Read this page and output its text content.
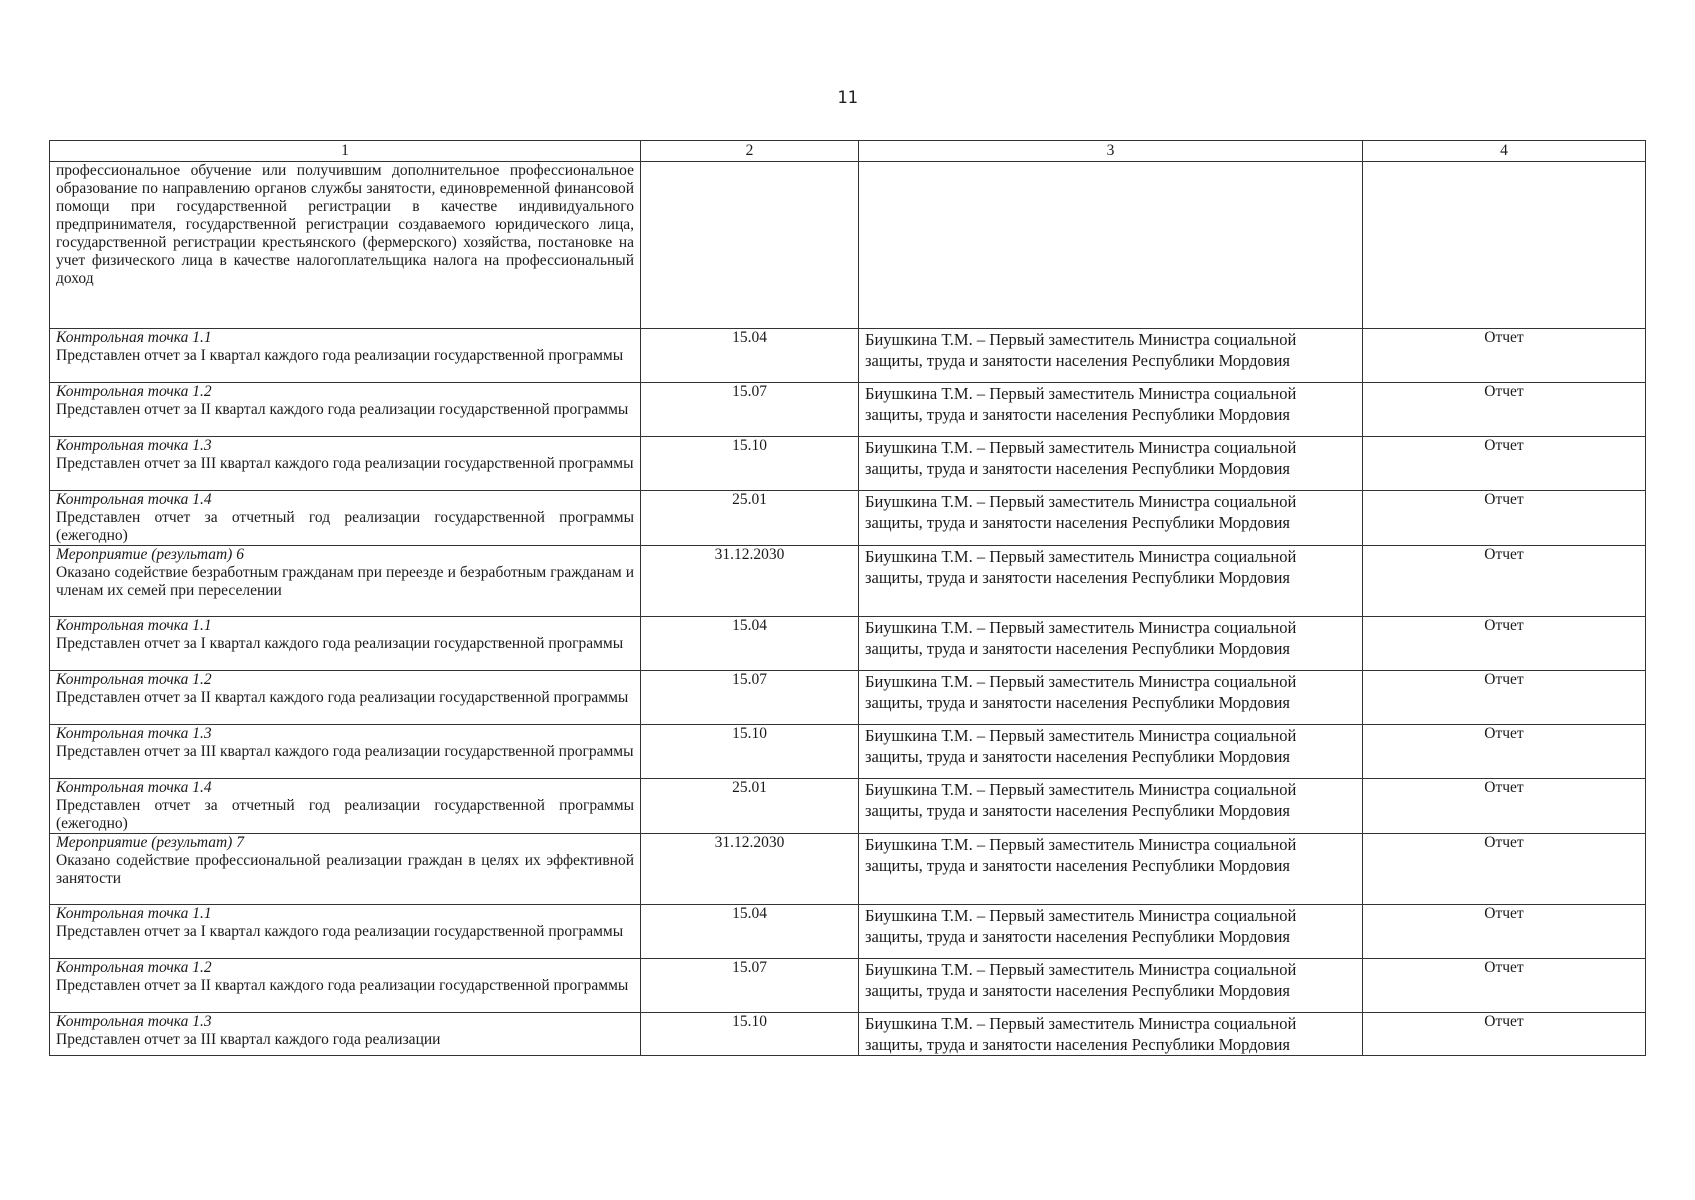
11
1	2	3	4
профессиональное обучение или получившим дополнительное профессиональное образование по направлению органов службы занятости, единовременной финансовой помощи при государственной регистрации в качестве индивидуального предпринимателя, государственной регистрации создаваемого юридического лица, государственной регистрации крестьянского (фермерского) хозяйства, постановке на учет физического лица в качестве налогоплательщика налога на профессиональный доход			

Контрольная точка 1.1
Представлен отчет за I квартал каждого года реализации государственной программы	15.04	Биушкина Т.М. – Первый заместитель Министра социальной защиты, труда и занятости населения Республики Мордовия	Отчет

Контрольная точка 1.2
Представлен отчет за II квартал каждого года реализации государственной программы	15.07	Биушкина Т.М. – Первый заместитель Министра социальной защиты, труда и занятости населения Республики Мордовия	Отчет

Контрольная точка 1.3
Представлен отчет за III квартал каждого года реализации государственной программы	15.10	Биушкина Т.М. – Первый заместитель Министра социальной защиты, труда и занятости населения Республики Мордовия	Отчет

Контрольная точка 1.4
Представлен отчет за отчетный год реализации государственной программы (ежегодно)	25.01	Биушкина Т.М. – Первый заместитель Министра социальной защиты, труда и занятости населения Республики Мордовия	Отчет

Мероприятие (результат) 6
Оказано содействие безработным гражданам при переезде и безработным гражданам и членам их семей при переселении	31.12.2030	Биушкина Т.М. – Первый заместитель Министра социальной защиты, труда и занятости населения Республики Мордовия	Отчет

Контрольная точка 1.1
Представлен отчет за I квартал каждого года реализации государственной программы	15.04	Биушкина Т.М. – Первый заместитель Министра социальной защиты, труда и занятости населения Республики Мордовия	Отчет

Контрольная точка 1.2
Представлен отчет за II квартал каждого года реализации государственной программы	15.07	Биушкина Т.М. – Первый заместитель Министра социальной защиты, труда и занятости населения Республики Мордовия	Отчет

Контрольная точка 1.3
Представлен отчет за III квартал каждого года реализации государственной программы	15.10	Биушкина Т.М. – Первый заместитель Министра социальной защиты, труда и занятости населения Республики Мордовия	Отчет

Контрольная точка 1.4
Представлен отчет за отчетный год реализации государственной программы (ежегодно)	25.01	Биушкина Т.М. – Первый заместитель Министра социальной защиты, труда и занятости населения Республики Мордовия	Отчет

Мероприятие (результат) 7
Оказано содействие профессиональной реализации граждан в целях их эффективной занятости	31.12.2030	Биушкина Т.М. – Первый заместитель Министра социальной защиты, труда и занятости населения Республики Мордовия	Отчет

Контрольная точка 1.1
Представлен отчет за I квартал каждого года реализации государственной программы	15.04	Биушкина Т.М. – Первый заместитель Министра социальной защиты, труда и занятости населения Республики Мордовия	Отчет

Контрольная точка 1.2
Представлен отчет за II квартал каждого года реализации государственной программы	15.07	Биушкина Т.М. – Первый заместитель Министра социальной защиты, труда и занятости населения Республики Мордовия	Отчет

Контрольная точка 1.3
Представлен отчет за III квартал каждого года реализации	15.10	Биушкина Т.М. – Первый заместитель Министра социальной защиты, труда и занятости населения Республики Мордовия	Отчет
